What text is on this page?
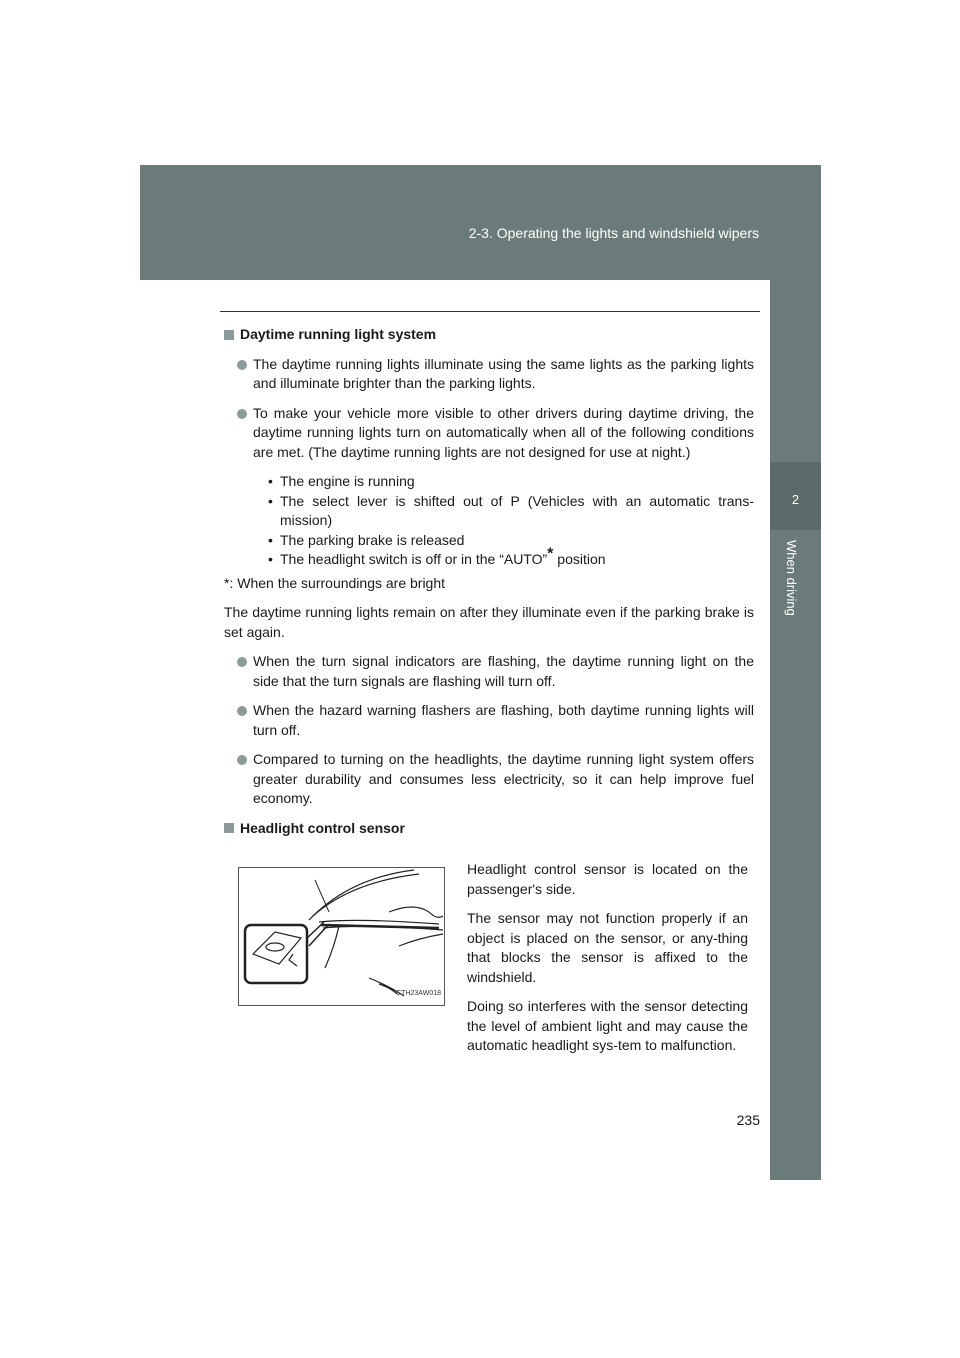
2-3. Operating the lights and windshield wipers
2
When driving
Daytime running light system

The daytime running lights illuminate using the same lights as the parking lights and illuminate brighter than the parking lights.

To make your vehicle more visible to other drivers during daytime driving, the daytime running lights turn on automatically when all of the following conditions are met. (The daytime running lights are not designed for use at night.)

• The engine is running

• The select lever is shifted out of P (Vehicles with an automatic trans-mission)

• The parking brake is released

• The headlight switch is off or in the “AUTO”* position

*: When the surroundings are bright

The daytime running lights remain on after they illuminate even if the parking brake is set again.

When the turn signal indicators are flashing, the daytime running light on the side that the turn signals are flashing will turn off.

When the hazard warning flashers are flashing, both daytime running lights will turn off.

Compared to turning on the headlights, the daytime running light system offers greater durability and consumes less electricity, so it can help improve fuel economy.

Headlight control sensor
CTH23AW018

Headlight control sensor is located on the passenger's side.

The sensor may not function properly if an object is placed on the sensor, or any-thing that blocks the sensor is affixed to the windshield.

Doing so interferes with the sensor detecting the level of ambient light and may cause the automatic headlight sys-tem to malfunction.

235
